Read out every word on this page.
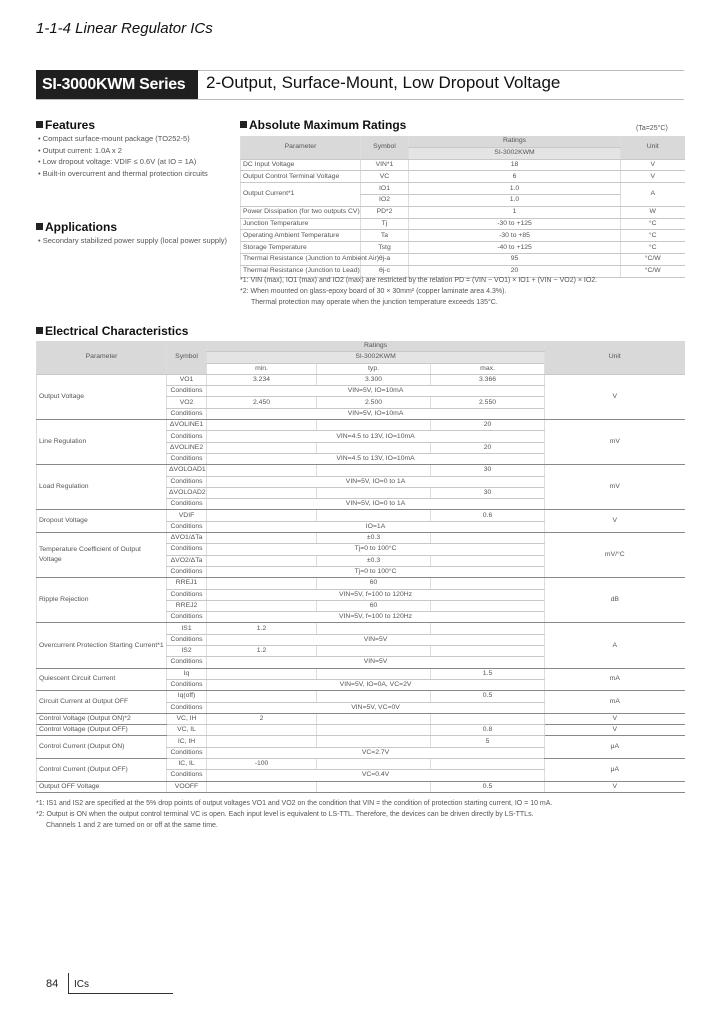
1-1-4 Linear Regulator ICs
SI-3000KWM Series	2-Output, Surface-Mount, Low Dropout Voltage
Features
• Compact surface-mount package (TO252-5)
• Output current: 1.0A x 2
• Low dropout voltage: VDIF ≤ 0.6V (at IO = 1A)
• Built-in overcurrent and thermal protection circuits
Applications
• Secondary stabilized power supply (local power supply)
Absolute Maximum Ratings	(Ta=25°C)
Parameter	Symbol	Ratings	Unit
		SI-3002KWM	
DC Input Voltage	VIN*1	18	V
Output Control Terminal Voltage	VC	6	V
Output Current*1	IO1	1.0	A
	IO2	1.0	
Power Dissipation (for two outputs CV)	PD*2	1	W
Junction Temperature	Tj	-30 to +125	°C
Operating Ambient Temperature	Ta	-30 to +85	°C
Storage Temperature	Tstg	-40 to +125	°C
Thermal Resistance (Junction to Ambient Air)	θj-a	95	°C/W
Thermal Resistance (Junction to Lead)	θj-c	20	°C/W
*1: VIN (max), IO1 (max) and IO2 (max) are restricted by the relation PD = (VIN − VO1) × IO1 + (VIN − VO2) × IO2.
*2: When mounted on glass-epoxy board of 30 × 30mm² (copper laminate area 4.3%).
Thermal protection may operate when the junction temperature exceeds 135°C.
Electrical Characteristics
Parameter	Symbol	Ratings			Unit
		SI-3002KWM			
		min.	typ.	max.	
Output Voltage	VO1	3.234	3.300	3.366	V
	Conditions	VIN=5V, IO=10mA			
	VO2	2.450	2.500	2.550	
	Conditions	VIN=5V, IO=10mA			
Line Regulation	ΔVOLINE1			20	mV
	Conditions	VIN=4.5 to 13V, IO=10mA			
	ΔVOLINE2			20	
	Conditions	VIN=4.5 to 13V, IO=10mA			
Load Regulation	ΔVOLOAD1			30	mV
	Conditions	VIN=5V, IO=0 to 1A			
	ΔVOLOAD2			30	
	Conditions	VIN=5V, IO=0 to 1A			
Dropout Voltage	VDIF			0.6	V
	Conditions	IO=1A			
Temperature Coefficient of Output Voltage	ΔVO1/ΔTa		±0.3		mV/°C
	Conditions	Tj=0 to 100°C			
	ΔVO2/ΔTa		±0.3		
	Conditions	Tj=0 to 100°C			
Ripple Rejection	RREJ1		60		dB
	Conditions	VIN=5V, f=100 to 120Hz			
	RREJ2		60		
	Conditions	VIN=5V, f=100 to 120Hz			
Overcurrent Protection Starting Current*1	IS1	1.2			A
	Conditions	VIN=5V			
	IS2	1.2			
	Conditions	VIN=5V			
Quiescent Circuit Current	Iq			1.5	mA
	Conditions	VIN=5V, IO=0A, VC=2V			
Circuit Current at Output OFF	Iq(off)			0.5	mA
	Conditions	VIN=5V, VC=0V			
Control Voltage (Output ON)*2	VC, IH	2			V
Control Voltage (Output OFF)	VC, IL			0.8	V
Control Current (Output ON)	IC, IH			5	μA
	Conditions	VC=2.7V			
Control Current (Output OFF)	IC, IL	-100			μA
	Conditions	VC=0.4V			
Output OFF Voltage	VOOFF			0.5	V
*1: IS1 and IS2 are specified at the 5% drop points of output voltages VO1 and VO2 on the condition that VIN = the condition of protection starting current, IO = 10 mA.
*2: Output is ON when the output control terminal VC is open. Each input level is equivalent to LS-TTL. Therefore, the devices can be driven directly by LS-TTLs.
Channels 1 and 2 are turned on or off at the same time.
84 ICs
